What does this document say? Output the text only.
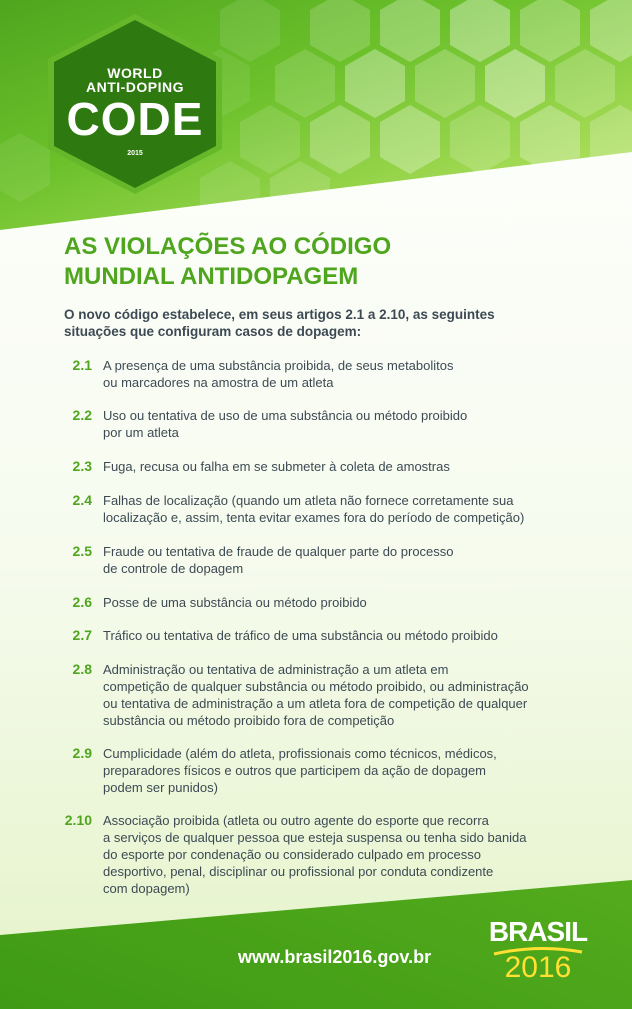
WORLD
ANTI-DOPING
CODE
2015
AS VIOLAÇÕES AO CÓDIGO
MUNDIAL ANTIDOPAGEM
O novo código estabelece, em seus artigos 2.1 a 2.10, as seguintes
situações que configuram casos de dopagem:
2.1 A presença de uma substância proibida, de seus metabolitos
ou marcadores na amostra de um atleta
2.2 Uso ou tentativa de uso de uma substância ou método proibido
por um atleta
2.3 Fuga, recusa ou falha em se submeter à coleta de amostras
2.4 Falhas de localização (quando um atleta não fornece corretamente sua
localização e, assim, tenta evitar exames fora do período de competição)
2.5 Fraude ou tentativa de fraude de qualquer parte do processo
de controle de dopagem
2.6 Posse de uma substância ou método proibido
2.7 Tráfico ou tentativa de tráfico de uma substância ou método proibido
2.8 Administração ou tentativa de administração a um atleta em
competição de qualquer substância ou método proibido, ou administração
ou tentativa de administração a um atleta fora de competição de qualquer
substância ou método proibido fora de competição
2.9 Cumplicidade (além do atleta, profissionais como técnicos, médicos,
preparadores físicos e outros que participem da ação de dopagem
podem ser punidos)
2.10 Associação proibida (atleta ou outro agente do esporte que recorra
a serviços de qualquer pessoa que esteja suspensa ou tenha sido banida
do esporte por condenação ou considerado culpado em processo
desportivo, penal, disciplinar ou profissional por conduta condizente
com dopagem)
www.brasil2016.gov.br
BRASIL
2016
